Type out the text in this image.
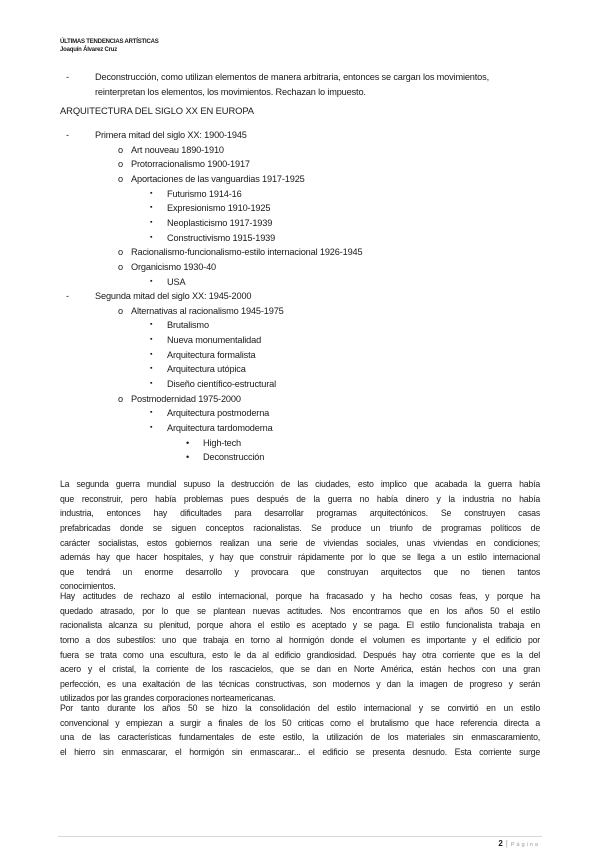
ÚLTIMAS TENDENCIAS ARTÍSTICAS
Joaquín Álvarez Cruz
-	Deconstrucción, como utilizan elementos de manera arbitraria, entonces se cargan los movimientos,
reinterpretan los elementos, los movimientos. Rechazan lo impuesto.
ARQUITECTURA DEL SIGLO XX EN EUROPA
-	Primera mitad del siglo XX: 1900-1945
o Art nouveau 1890-1910
o Protorracionalismo 1900-1917
o Aportaciones de las vanguardias 1917-1925
▪ Futurismo 1914-16
▪ Expresionismo 1910-1925
▪ Neoplasticismo 1917-1939
▪ Constructivismo 1915-1939
o Racionalismo-funcionalismo-estilo internacional 1926-1945
o Organicismo 1930-40
▪ USA
-	Segunda mitad del siglo XX: 1945-2000
o Alternativas al racionalismo 1945-1975
▪ Brutalismo
▪ Nueva monumentalidad
▪ Arquitectura formalista
▪ Arquitectura utópica
▪ Diseño científico-estructural
o Postmodernidad 1975-2000
▪ Arquitectura postmoderna
▪ Arquitectura tardomoderna
• High-tech
• Deconstrucción
La segunda guerra mundial supuso la destrucción de las ciudades, esto implico que acabada la guerra había
que reconstruir, pero había problemas pues después de la guerra no había dinero y la industria no había
industria, entonces hay dificultades para desarrollar programas arquitectónicos. Se construyen casas
prefabricadas donde se siguen conceptos racionalistas. Se produce un triunfo de programas políticos de
carácter socialistas, estos gobiernos realizan una serie de viviendas sociales, unas viviendas en condiciones;
además hay que hacer hospitales, y hay que construir rápidamente por lo que se llega a un estilo internacional
que tendrá un enorme desarrollo y provocara que construyan arquitectos que no tienen tantos
conocimientos.
Hay actitudes de rechazo al estilo internacional, porque ha fracasado y ha hecho cosas feas, y porque ha
quedado atrasado, por lo que se plantean nuevas actitudes. Nos encontramos que en los años 50 el estilo
racionalista alcanza su plenitud, porque ahora el estilo es aceptado y se paga. El estilo funcionalista trabaja en
torno a dos subestilos: uno que trabaja en torno al hormigón donde el volumen es importante y el edificio por
fuera se trata como una escultura, esto le da al edificio grandiosidad. Después hay otra corriente que es la del
acero y el cristal, la corriente de los rascacielos, que se dan en Norte América, están hechos con una gran
perfección, es una exaltación de las técnicas constructivas, son modernos y dan la imagen de progreso y serán
utilizados por las grandes corporaciones norteamericanas.
Por tanto durante los años 50 se hizo la consolidación del estilo internacional y se convirtió en un estilo
convencional y empiezan a surgir a finales de los 50 criticas como el brutalismo que hace referencia directa a
una de las características fundamentales de este estilo, la utilización de los materiales sin enmascaramiento,
el hierro sin enmascarar, el hormigón sin enmascarar... el edificio se presenta desnudo. Esta corriente surge
2 | Página
